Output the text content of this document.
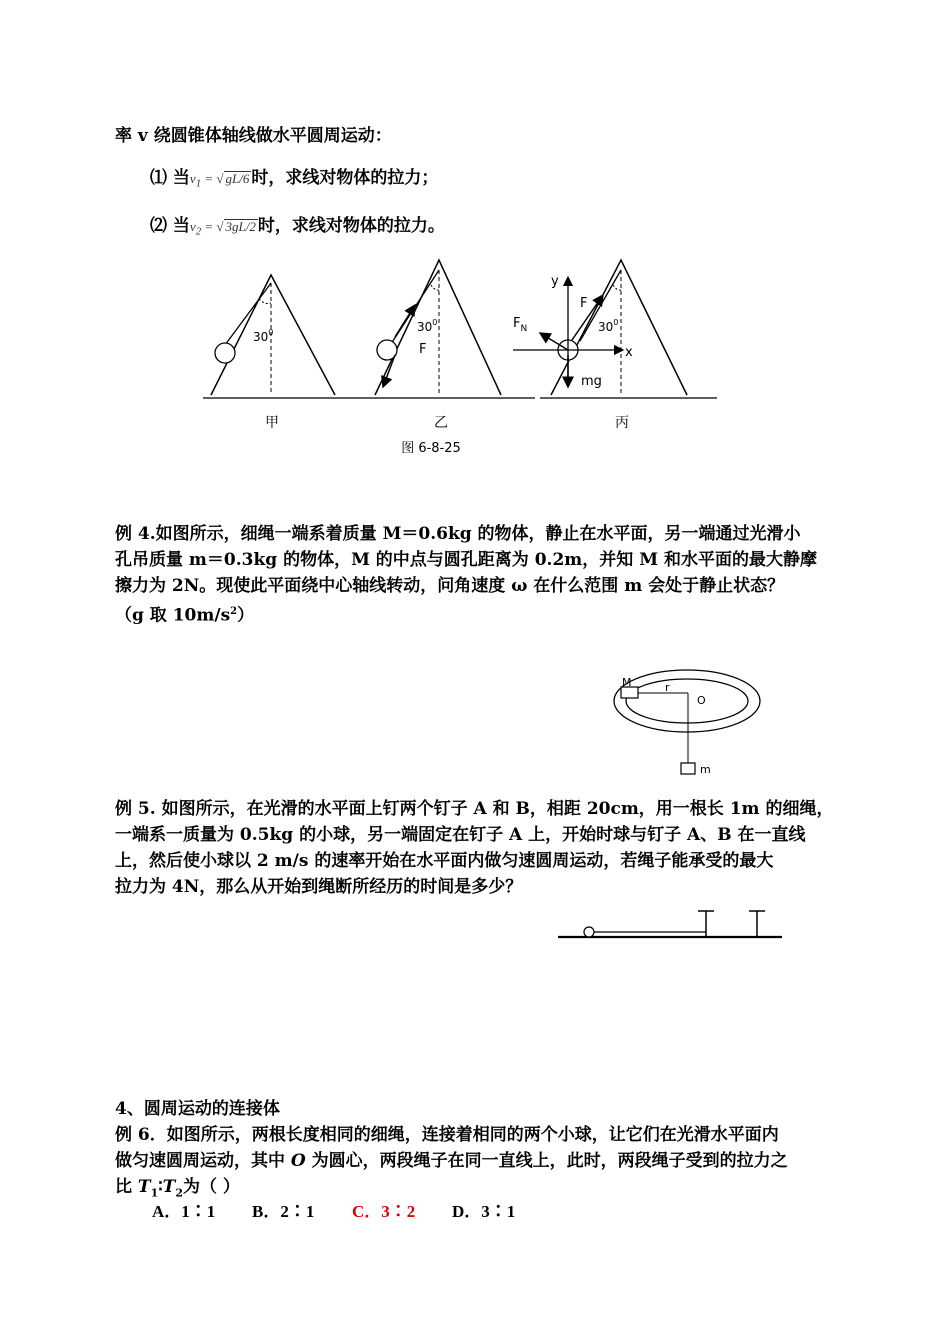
率 v 绕圆锥体轴线做水平圆周运动：
⑴ 当$v_1$ = √ gL/6 时，求线对物体的拉力；
⑵ 当$v_2$ = √ 3gL/2 时，求线对物体的拉力。
$30^0$	$30^0$
F
$30^0$
y
x
F
$F_N$
mg
甲	乙	丙
图 6-8-25
例 4.如图所示，细绳一端系着质量 M＝0.6kg 的物体，静止在水平面，另一端通过光滑小
孔吊质量 m＝0.3kg 的物体，M 的中点与圆孔距离为 0.2m，并知 M 和水平面的最大静摩
擦力为 2N。现使此平面绕中心轴线转动，问角速度 ω 在什么范围 m 会处于静止状态？
（g 取 $10m/s^2$）
M	r
O
m
例 5. 如图所示，在光滑的水平面上钉两个钉子 A 和 B，相距 20cm，用一根长 1m 的细绳，
一端系一质量为 0.5kg 的小球，另一端固定在钉子 A 上，开始时球与钉子 A、B 在一直线
上，然后使小球以 2 m/s 的速率开始在水平面内做匀速圆周运动，若绳子能承受的最大
拉力为 4N，那么从开始到绳断所经历的时间是多少？
4、圆周运动的连接体
例 6．如图所示，两根长度相同的细绳，连接着相同的两个小球，让它们在光滑水平面内
做匀速圆周运动，其中 O 为圆心，两段绳子在同一直线上，此时，两段绳子受到的拉力之
比 $T_1∶T_2$为（ ）
A．1∶1 B．2∶1 C．3∶2 D．3∶1
